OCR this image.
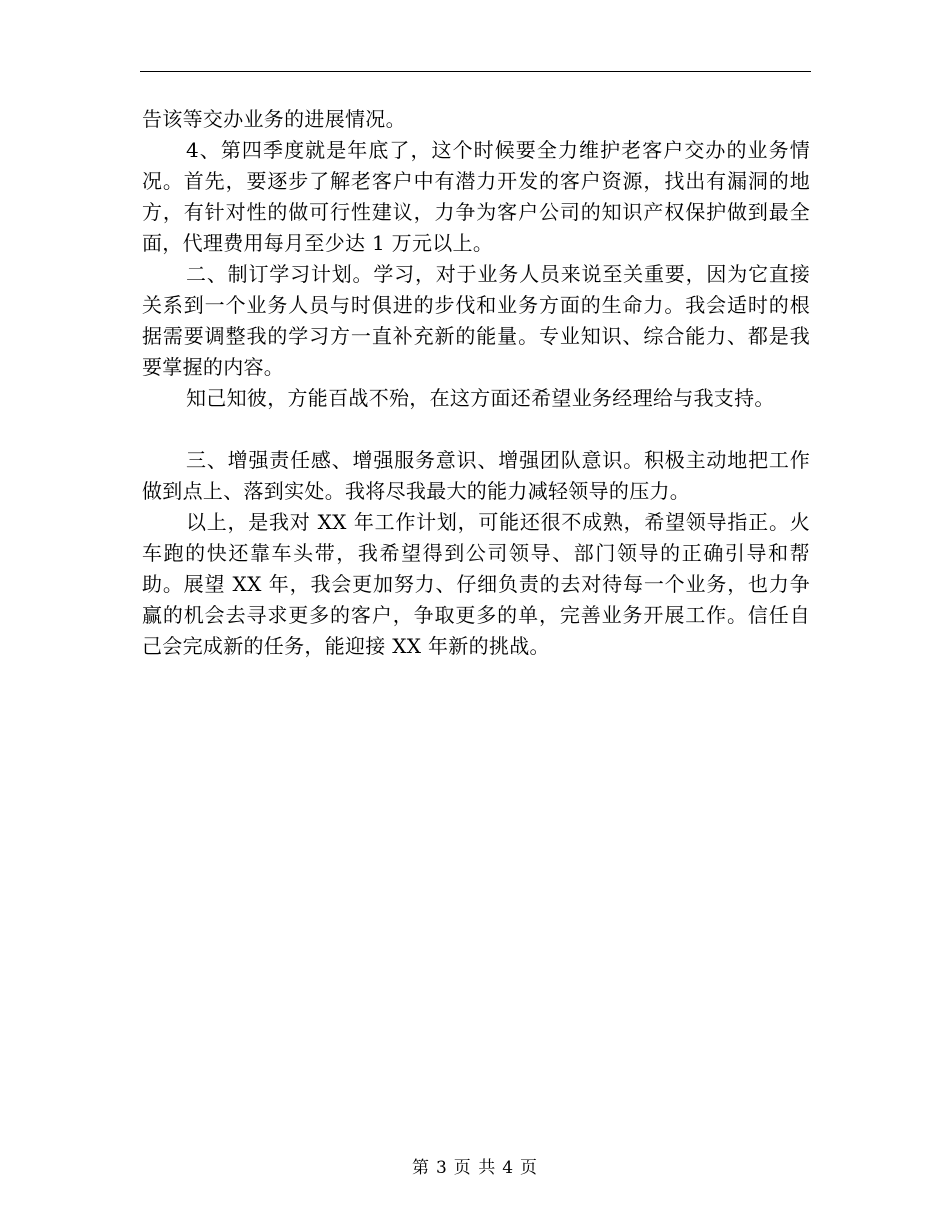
告该等交办业务的进展情况。

4、第四季度就是年底了，这个时候要全力维护老客户交办的业务情况。首先，要逐步了解老客户中有潜力开发的客户资源，找出有漏洞的地方，有针对性的做可行性建议，力争为客户公司的知识产权保护做到最全面，代理费用每月至少达 1 万元以上。

二、制订学习计划。学习，对于业务人员来说至关重要，因为它直接关系到一个业务人员与时俱进的步伐和业务方面的生命力。我会适时的根据需要调整我的学习方一直补充新的能量。专业知识、综合能力、都是我要掌握的内容。

知己知彼，方能百战不殆，在这方面还希望业务经理给与我支持。

三、增强责任感、增强服务意识、增强团队意识。积极主动地把工作做到点上、落到实处。我将尽我最大的能力减轻领导的压力。

以上，是我对 XX 年工作计划，可能还很不成熟，希望领导指正。火车跑的快还靠车头带，我希望得到公司领导、部门领导的正确引导和帮助。展望 XX 年，我会更加努力、仔细负责的去对待每一个业务，也力争赢的机会去寻求更多的客户，争取更多的单，完善业务开展工作。信任自己会完成新的任务，能迎接 XX 年新的挑战。

第 3 页 共 4 页
